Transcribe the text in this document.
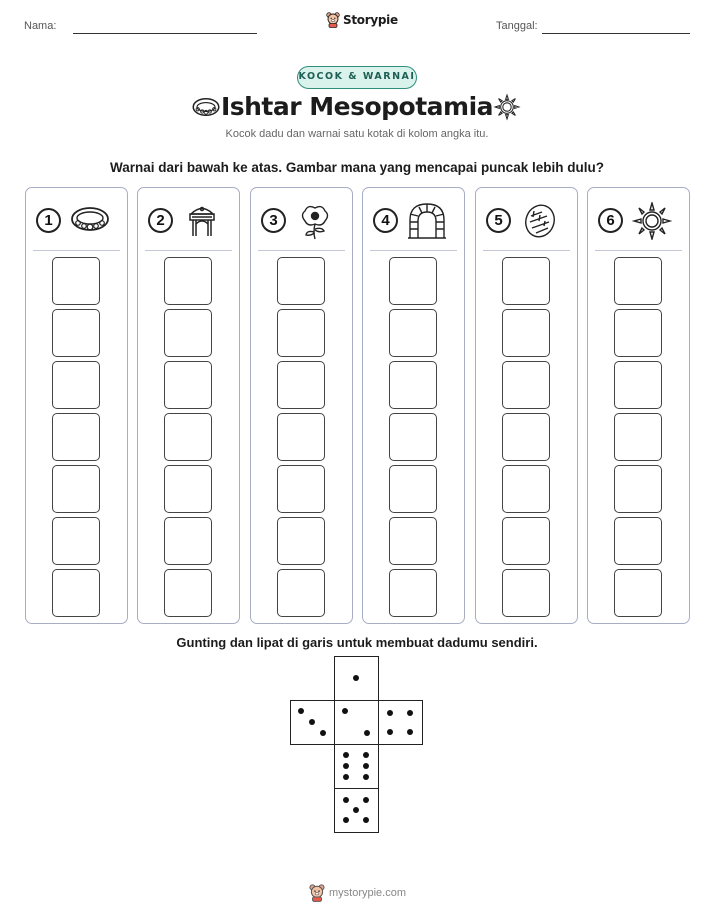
Nama:	Storypie	Tanggal:
KOCOK & WARNAI
Ishtar Mesopotamia
Kocok dadu dan warnai satu kotak di kolom angka itu.
Warnai dari bawah ke atas. Gambar mana yang mencapai puncak lebih dulu?
1	2	3	4	5	6
Gunting dan lipat di garis untuk membuat dadumu sendiri.
mystorypie.com
